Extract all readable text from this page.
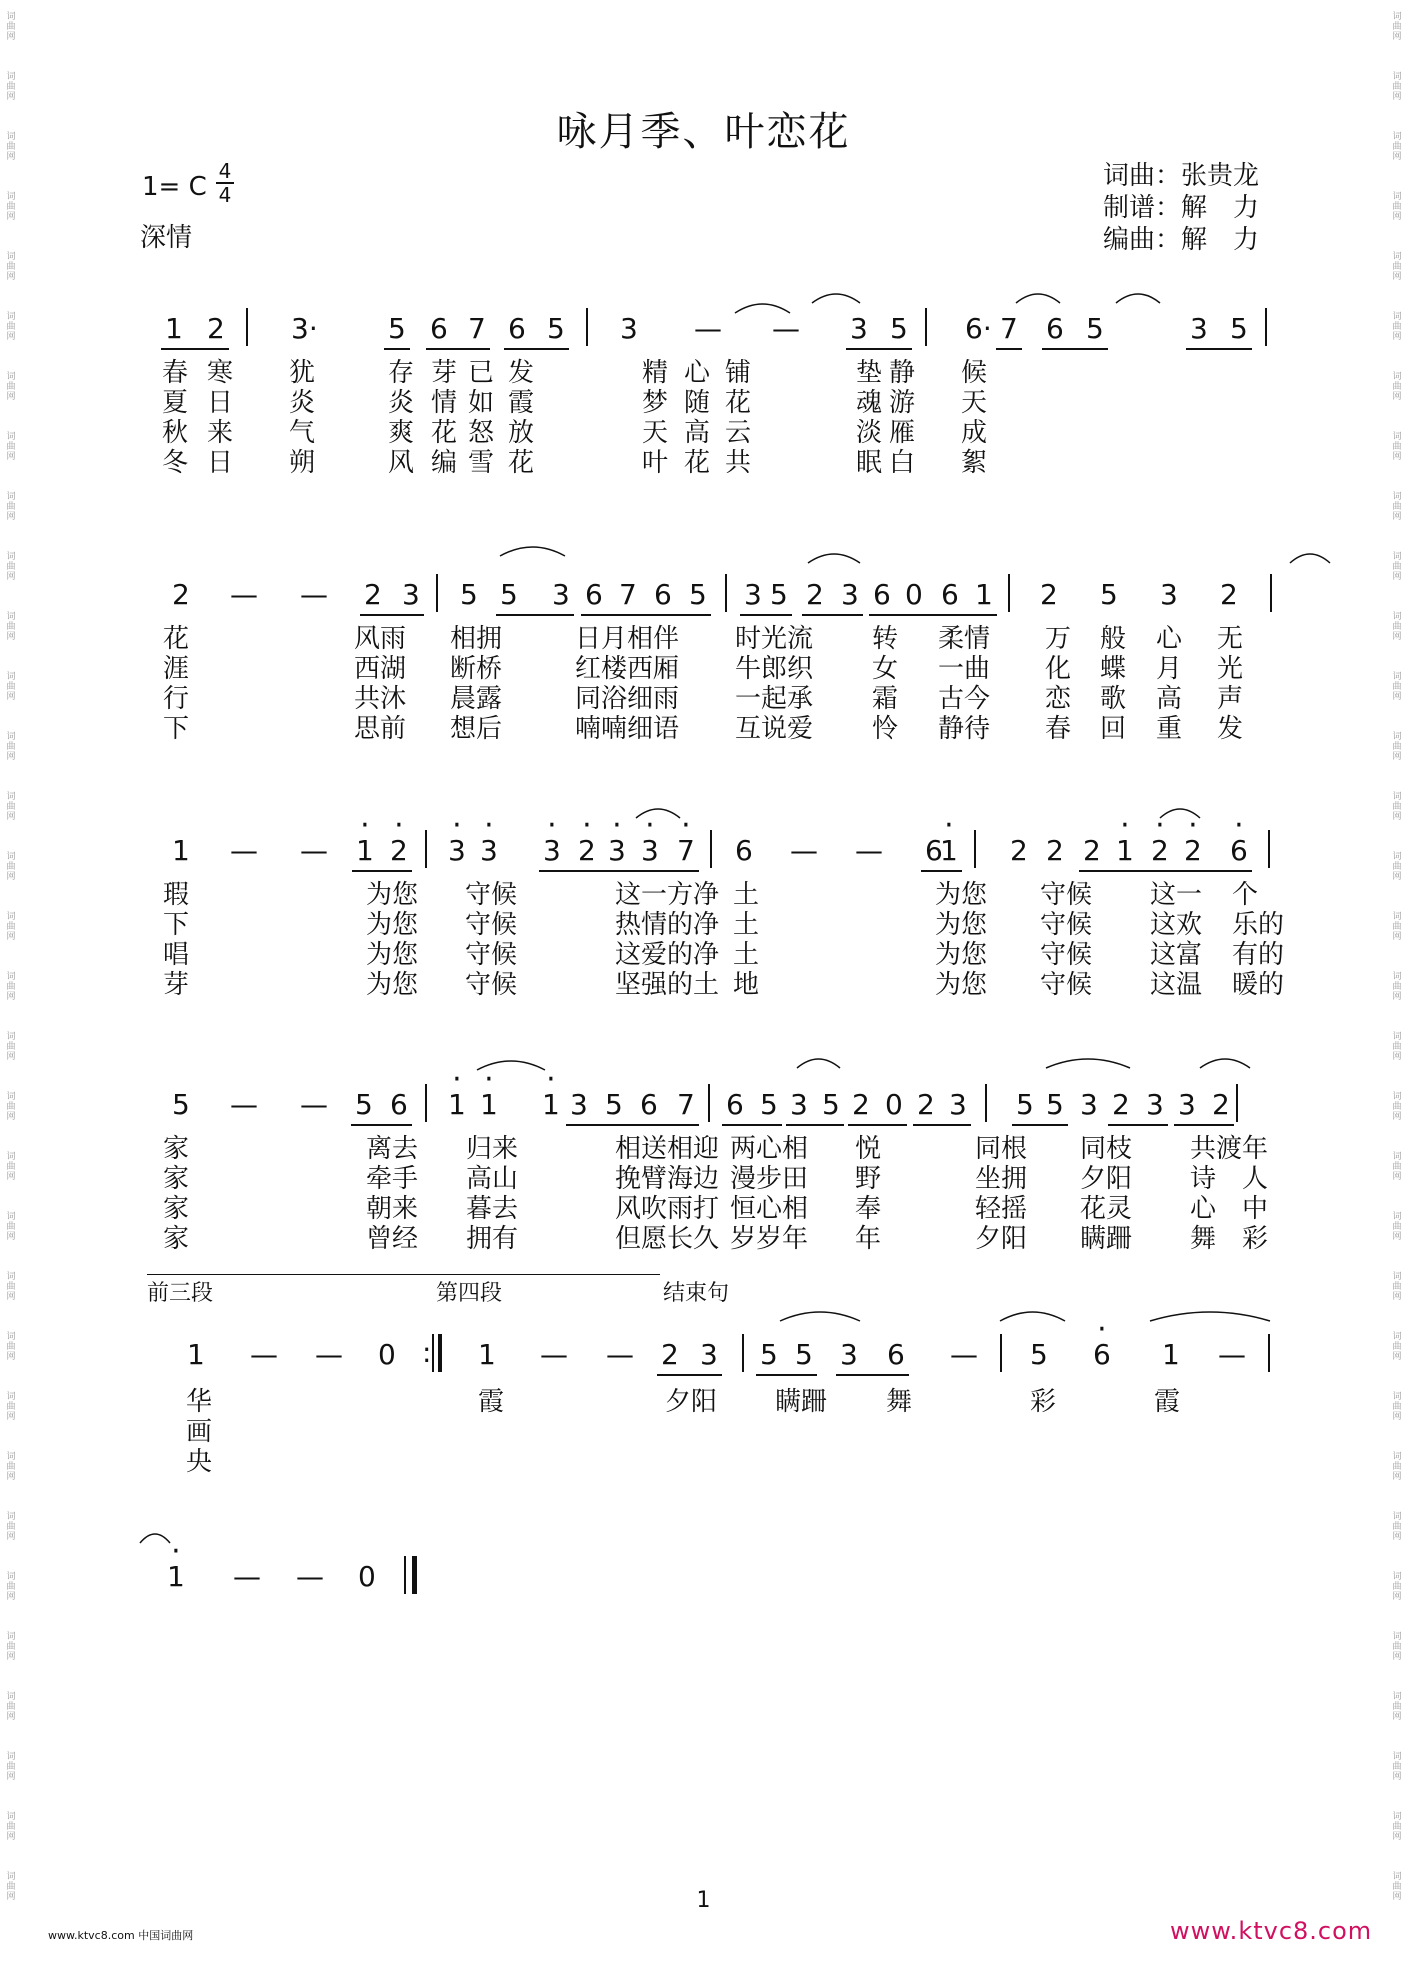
咏月季、叶恋花
1= C
4
4
深情
词曲：张贵龙
制谱：解　力
编曲：解　力
1 2 3·	5 6 7 6 5 3 — — 3 5 6· 7 6 5	3 5
春 寒 犹	存 芽 已 发	精 心 铺	垫 静 候
夏 日 炎	炎 情 如 霞	梦 随 花	魂 游 天
秋 来 气	爽 花 怒 放	天 高 云	淡 雁 成
冬 日 朔	风 编 雪 花	叶 花 共	眠 白 絮
2 — — 2 3 5 5 3 6 7 6 5 3 5 2 3 6 0 6 1 2 5 3 2
花	风雨 相拥	日月相伴 时光流 转 柔情 万 般 心 无
涯	西湖 断桥	红楼西厢 牛郎织 女 一曲 化 蝶 月 光
行	共沐 晨露	同浴细雨 一起承 霜 古今 恋 歌 高 声
下	思前 想后	喃喃细语 互说爱 怜 静待 春 回 重 发
1 — — · 1 · 2 · 3 · 3 · 3 · 2 · 3 · 3 · 7 6 — — 6
· 1 2 2 2 · 1 · 2 · 2 · 6
瑕	为您 守候	这一方净 土	为您 守候 这一 个
下	为您 守候	热情的净 土	为您 守候 这欢 乐的
唱	为您 守候	这爱的净 土	为您 守候 这富 有的
芽	为您 守候	坚强的土 地	为您 守候 这温 暖的
5 — — 5 6 · 1 · 1 · 1 3 5 6 7 6 5 3 5 2 0 2 3 5 5 3 2 3 3 2
家	离去 归来	相送相迎 两心相 悦	同根 同枝 共渡年
家	牵手 高山	挽臂海边 漫步田 野	坐拥 夕阳 诗　人
家	朝来 暮去	风吹雨打 恒心相 奉	轻摇 花灵 心　中
家	曾经 拥有	但愿长久 岁岁年 年	夕阳 瞒跚 舞　彩
前三段	第四段	结束句
1 — — 0 : 1 — — 2 3 5 5 3 6 — 5 · 6 1 —
华	霞	夕阳 瞒跚 舞	彩	霞
画
央
· 1 — — 0
1
www.ktvc8.com 中国词曲网	www.ktvc8.com
词曲网
词曲网
词曲网
词曲网
词曲网
词曲网
词曲网
词曲网
词曲网
词曲网
词曲网
词曲网
词曲网
词曲网
词曲网
词曲网
词曲网
词曲网
词曲网
词曲网
词曲网
词曲网
词曲网
词曲网
词曲网
词曲网
词曲网
词曲网
词曲网
词曲网
词曲网
词曲网
词曲网
词曲网
词曲网
词曲网
词曲网
词曲网
词曲网
词曲网
词曲网
词曲网
词曲网
词曲网
词曲网
词曲网
词曲网
词曲网
词曲网
词曲网
词曲网
词曲网
词曲网
词曲网
词曲网
词曲网
词曲网
词曲网
词曲网
词曲网
词曲网
词曲网
词曲网
词曲网
